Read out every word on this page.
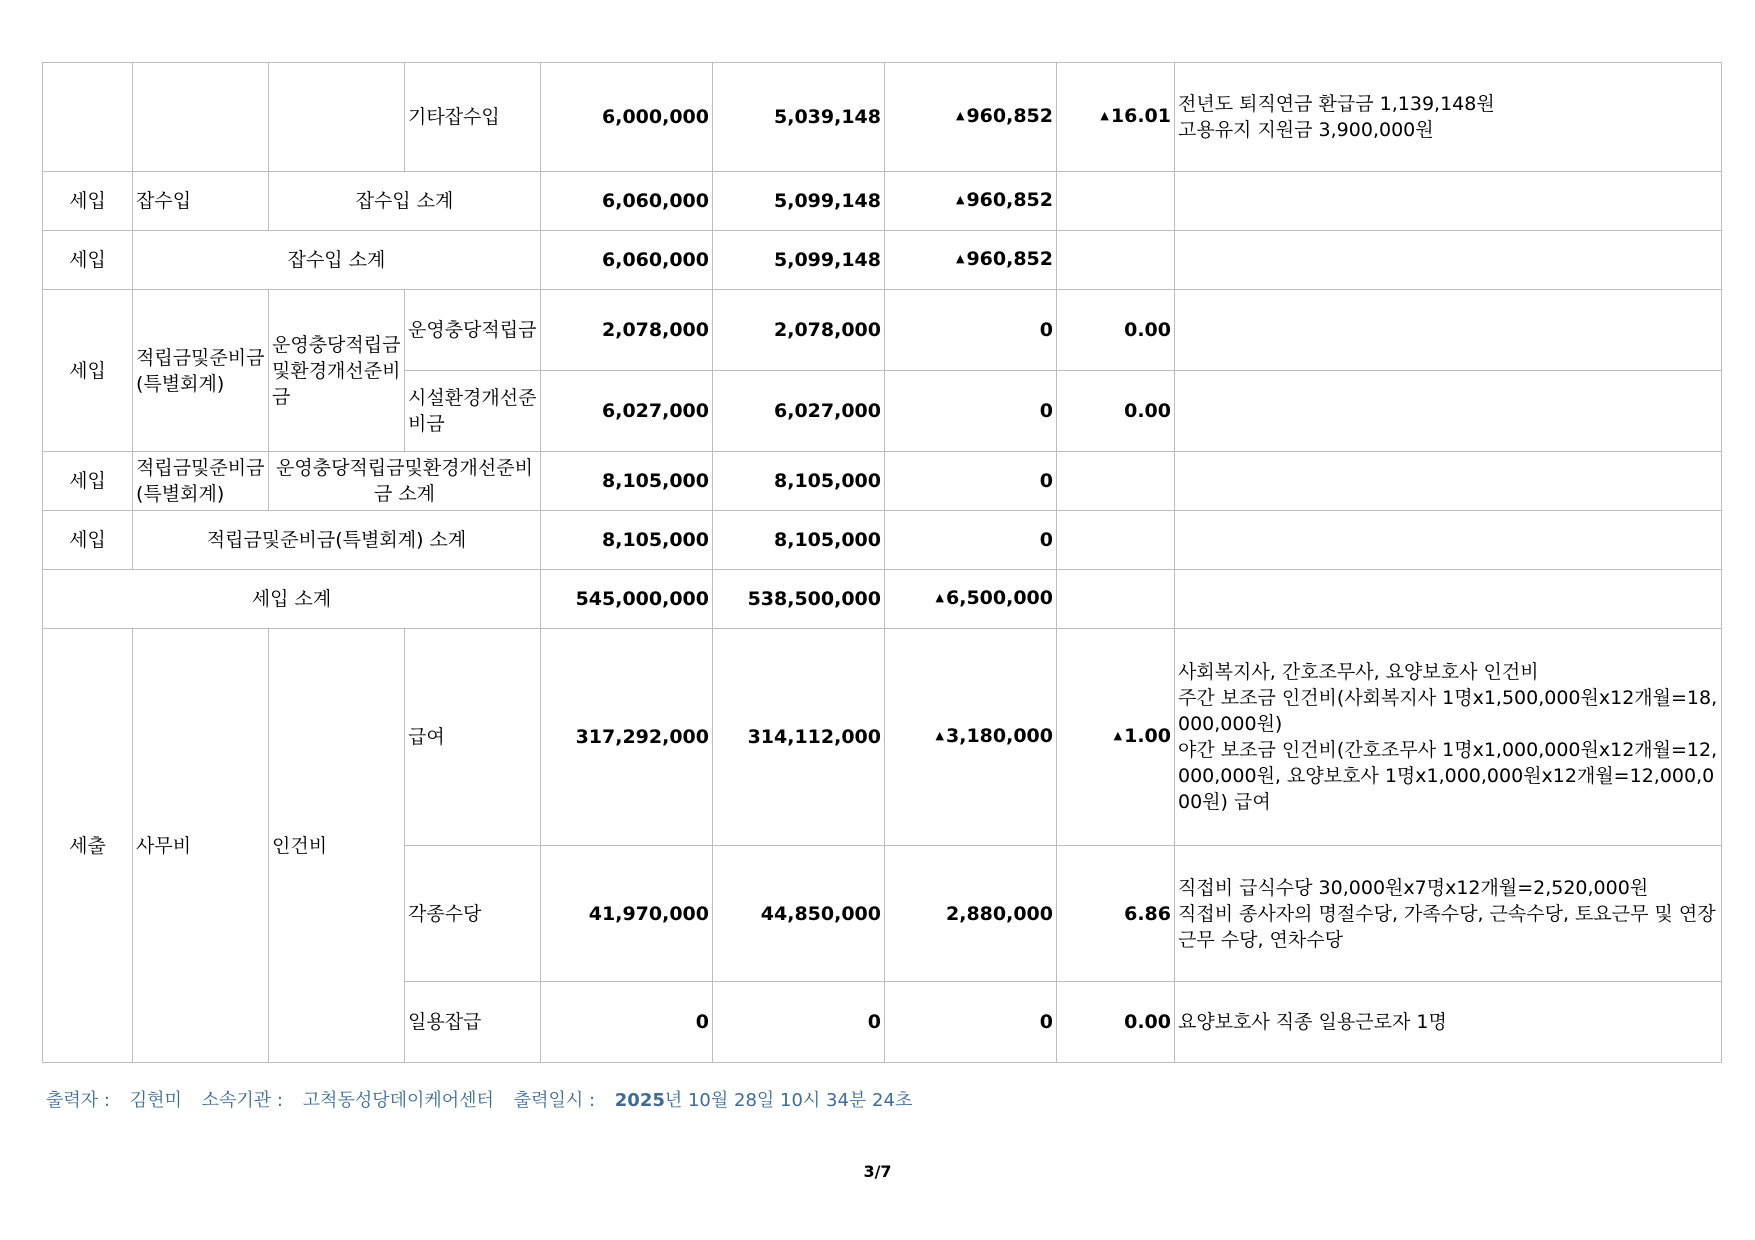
			기타잡수입	6,000,000	5,039,148	▲ 960,852	▲ 16.01	전년도 퇴직연금 환급금 1,139,148원
고용유지 지원금 3,900,000원

세입	잡수입	잡수입 소계		6,060,000	5,099,148	▲ 960,852		
세입	잡수입 소계			6,060,000	5,099,148	▲ 960,852		
세입	적립금및준비금(특별회계)	운영충당적립금및환경개선준비금	운영충당적립금	2,078,000	2,078,000	0	0.00	
			시설환경개선준비금	6,027,000	6,027,000	0	0.00	
세입	적립금및준비금(특별회계)	운영충당적립금및환경개선준비금 소계		8,105,000	8,105,000	0		
세입	적립금및준비금(특별회계) 소계			8,105,000	8,105,000	0		
세입 소계				545,000,000	538,500,000	▲ 6,500,000		
세출	사무비	인건비	급여	317,292,000	314,112,000	▲ 3,180,000	▲ 1.00	사회복지사, 간호조무사, 요양보호사 인건비
주간 보조금 인건비(사회복지사 1명x1,500,000원x12개월=18,000,000원)
야간 보조금 인건비(간호조무사 1명x1,000,000원x12개월=12,000,000원, 요양보호사 1명x1,000,000원x12개월=12,000,000원) 급여

			각종수당	41,970,000	44,850,000	2,880,000	6.86	직접비 급식수당 30,000원x7명x12개월=2,520,000원
직접비 종사자의 명절수당, 가족수당, 근속수당, 토요근무 및 연장근무 수당, 연차수당

			일용잡급	0	0	0	0.00	요양보호사 직종 일용근로자 1명
출력자 : 김현미 소속기관 : 고척동성당데이케어센터 출력일시 : 2025년 10월 28일 10시 34분 24초
3/7
